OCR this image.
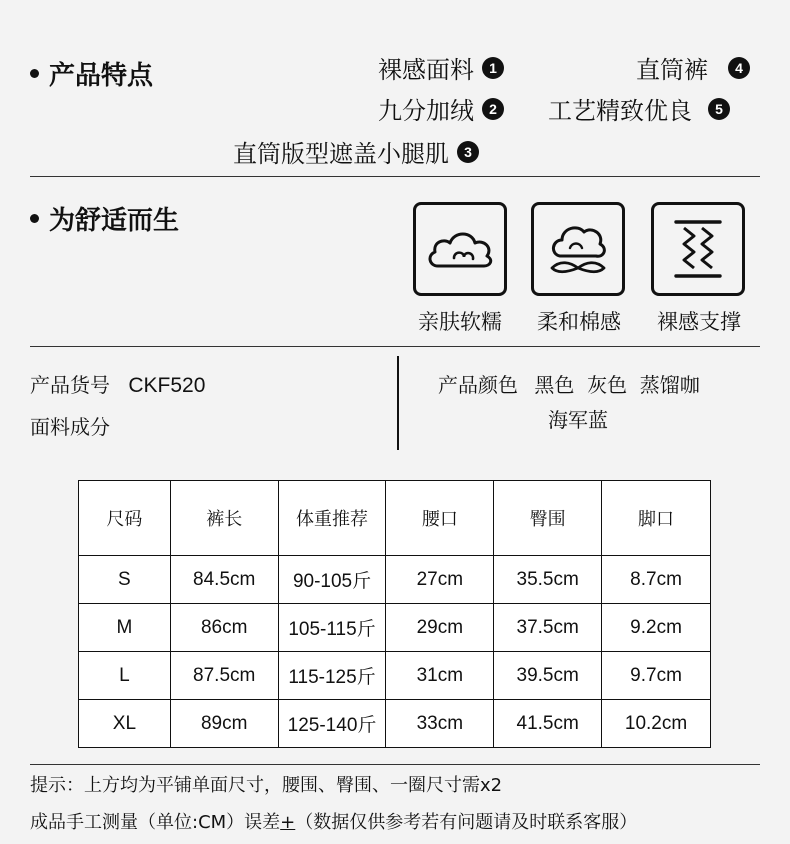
产品特点	裸感面料	1
九分加绒	2
直筒版型遮盖小腿肌	3
直筒裤	4
工艺精致优良	5
为舒适而生
亲肤软糯	柔和棉感	裸感支撑
产品货号 CKF520
面料成分
产品颜色 黑色  灰色  蒸馏咖
海军蓝
尺码	裤长	体重推荐	腰口	臀围	脚口
S	84.5cm	90-105斤	27cm	35.5cm	8.7cm
M	86cm	105-115斤	29cm	37.5cm	9.2cm
L	87.5cm	115-125斤	31cm	39.5cm	9.7cm
XL	89cm	125-140斤	33cm	41.5cm	10.2cm
提示：上方均为平铺单面尺寸，腰围、臀围、一圈尺寸需x2
成品手工测量（单位:CM）误差+（数据仅供参考若有问题请及时联系客服）
